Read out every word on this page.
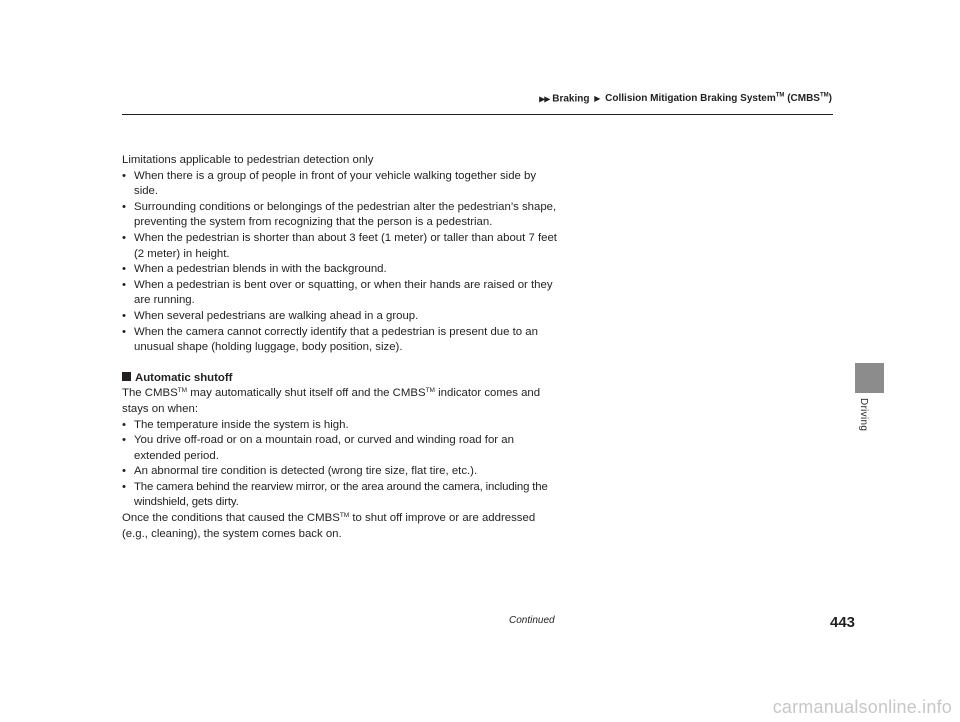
▶▶ Braking ▶ Collision Mitigation Braking System™ (CMBS™)
Driving

Limitations applicable to pedestrian detection only

• When there is a group of people in front of your vehicle walking together side by side.
• Surrounding conditions or belongings of the pedestrian alter the pedestrian’s shape, preventing the system from recognizing that the person is a pedestrian.
• When the pedestrian is shorter than about 3 feet (1 meter) or taller than about 7 feet (2 meter) in height.
• When a pedestrian blends in with the background.
• When a pedestrian is bent over or squatting, or when their hands are raised or they are running.
• When several pedestrians are walking ahead in a group.
• When the camera cannot correctly identify that a pedestrian is present due to an unusual shape (holding luggage, body position, size).
Automatic shutoff

The CMBS™ may automatically shut itself off and the CMBS™ indicator comes and stays on when:

• The temperature inside the system is high.
• You drive off-road or on a mountain road, or curved and winding road for an extended period.
• An abnormal tire condition is detected (wrong tire size, flat tire, etc.).
• The camera behind the rearview mirror, or the area around the camera, including the windshield, gets dirty.

Once the conditions that caused the CMBS™ to shut off improve or are addressed (e.g., cleaning), the system comes back on.

Continued	443
carmanualsonline.info
